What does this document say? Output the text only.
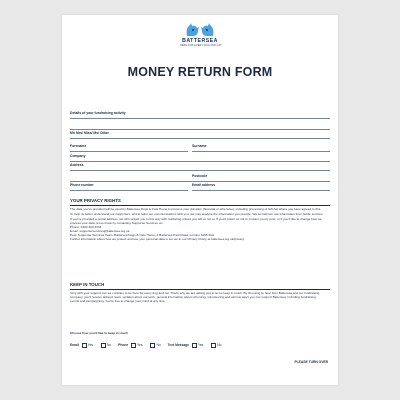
BATTERSEA
HERE FOR EVERY DOG AND CAT
MONEY RETURN FORM
Details of your fundraising activity
Mr/ Mrs/ Miss/ Ms/ Other
Forename	Surname
Company
Address
Postcode
Phone number	Email address
YOUR PRIVACY RIGHTS
The data you've provided will be used by Battersea Dogs & Cats Home to process your donation (financial or otherwise), including processing of Gift Aid where you have agreed to this.
To help us better understand our supporters, and to tailor our communications with you, we may analyse the information you provide. We sometimes use information from public sources.
If you've provided a postal address, we will contact you in this way with marketing unless you tell us not to. If you'd prefer us not to contact you by post, or if you'd like to change how we process your data, let us know by contacting Supporter Services on:
Phone: 0300 303 3334
Email: supporterservices@battersea.org.uk
Post: Supporter Services Team, Battersea Dogs & Cats Home, 4 Battersea Park Road, London SW8 4AA
Further information about how we protect and use your personal data is set out in our Privacy Policy at battersea.org.uk/privacy
KEEP IN TOUCH
Only with your support can we continue to be here for every dog and cat. That's why we are asking you to let us keep in touch. By choosing to hear from Battersea and our fundraising company, you'll receive tailored news, updates about our work, general information about rehoming, volunteering and various ways you can support Battersea, including fundraising, events and campaigning. You're free to change your mind at any time.
Choose how you'd like to keep in touch
Email	Yes	No Phone	Yes	No Text Message	Yes	No
PLEASE TURN OVER
